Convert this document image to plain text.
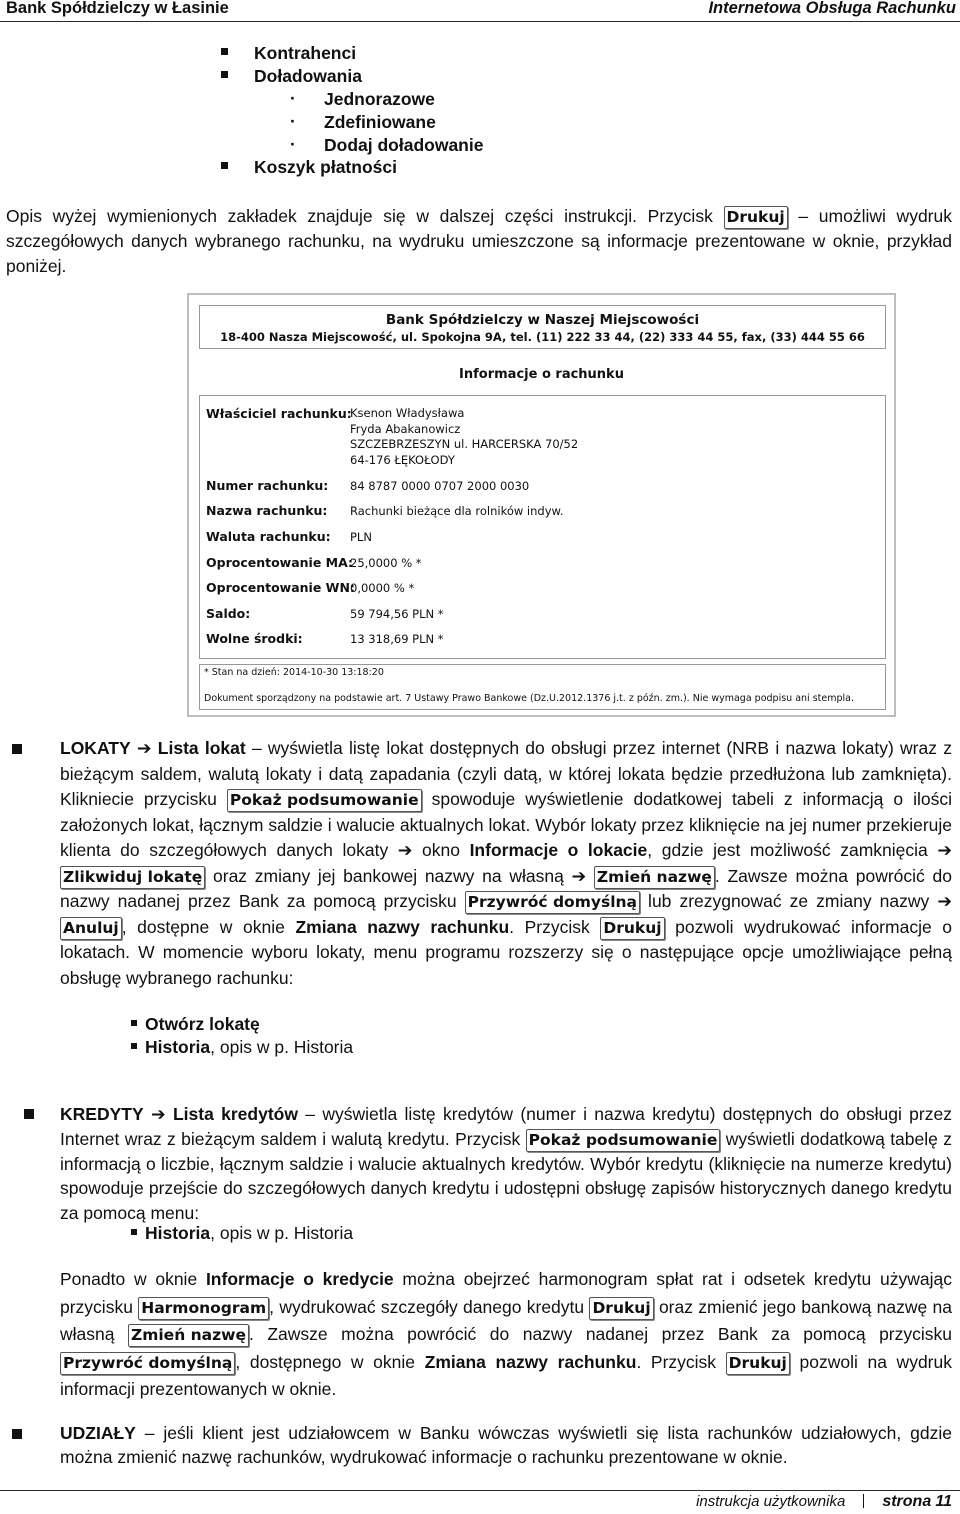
Bank Spółdzielczy w Łasinie	Internetowa Obsługa Rachunku
Kontrahenci
Doładowania
· Jednorazowe
· Zdefiniowane
· Dodaj doładowanie
Koszyk płatności
Opis wyżej wymienionych zakładek znajduje się w dalszej części instrukcji. Przycisk Drukuj – umożliwi wydruk szczegółowych danych wybranego rachunku, na wydruku umieszczone są informacje prezentowane w oknie, przykład poniżej.
Bank Spółdzielczy w Naszej Miejscowości
18-400 Nasza Miejscowość, ul. Spokojna 9A, tel. (11) 222 33 44, (22) 333 44 55, fax, (33) 444 55 66
Informacje o rachunku
Właściciel rachunku:
Ksenon Władysława
Fryda Abakanowicz
SZCZEBRZESZYN ul. HARCERSKA 70/52
64-176 ŁĘKOŁODY
Numer rachunku: 84 8787 0000 0707 2000 0030
Nazwa rachunku: Rachunki bieżące dla rolników indyw.
Waluta rachunku: PLN
Oprocentowanie MA:
25,0000 % *
Oprocentowanie WN:
0,0000 % *
Saldo:	59 794,56 PLN *
Wolne środki:	13 318,69 PLN *
* Stan na dzień: 2014-10-30 13:18:20
Dokument sporządzony na podstawie art. 7 Ustawy Prawo Bankowe (Dz.U.2012.1376 j.t. z późn. zm.). Nie wymaga podpisu ani stempla.
LOKATY ➔ Lista lokat – wyświetla listę lokat dostępnych do obsługi przez internet (NRB i nazwa lokaty) wraz z bieżącym saldem, walutą lokaty i datą zapadania (czyli datą, w której lokata będzie przedłużona lub zamknięta). Klikniecie przycisku Pokaż podsumowanie spowoduje wyświetlenie dodatkowej tabeli z informacją o ilości założonych lokat, łącznym saldzie i walucie aktualnych lokat. Wybór lokaty przez kliknięcie na jej numer przekieruje klienta do szczegółowych danych lokaty ➔ okno Informacje o lokacie, gdzie jest możliwość zamknięcia ➔ Zlikwiduj lokatę oraz zmiany jej bankowej nazwy na własną ➔ Zmień nazwę . Zawsze można powrócić do nazwy nadanej przez Bank za pomocą przycisku Przywróć domyślną lub zrezygnować ze zmiany nazwy ➔ Anuluj , dostępne w oknie Zmiana nazwy rachunku. Przycisk Drukuj pozwoli wydrukować informacje o lokatach. W momencie wyboru lokaty, menu programu rozszerzy się o następujące opcje umożliwiające pełną obsługę wybranego rachunku:
Otwórz lokatę
Historia, opis w p. Historia
KREDYTY ➔ Lista kredytów – wyświetla listę kredytów (numer i nazwa kredytu) dostępnych do obsługi przez Internet wraz z bieżącym saldem i walutą kredytu. Przycisk Pokaż podsumowanie wyświetli dodatkową tabelę z informacją o liczbie, łącznym saldzie i walucie aktualnych kredytów. Wybór kredytu (kliknięcie na numerze kredytu) spowoduje przejście do szczegółowych danych kredytu i udostępni obsługę zapisów historycznych danego kredytu za pomocą menu:
Historia, opis w p. Historia
Ponadto w oknie Informacje o kredycie można obejrzeć harmonogram spłat rat i odsetek kredytu używając przycisku Harmonogram , wydrukować szczegóły danego kredytu Drukuj oraz zmienić jego bankową nazwę na własną Zmień nazwę . Zawsze można powrócić do nazwy nadanej przez Bank za pomocą przycisku Przywróć domyślną , dostępnego w oknie Zmiana nazwy rachunku. Przycisk Drukuj pozwoli na wydruk informacji prezentowanych w oknie.
UDZIAŁY – jeśli klient jest udziałowcem w Banku wówczas wyświetli się lista rachunków udziałowych, gdzie można zmienić nazwę rachunków, wydrukować informacje o rachunku prezentowane w oknie.
instrukcja użytkownika strona 11
